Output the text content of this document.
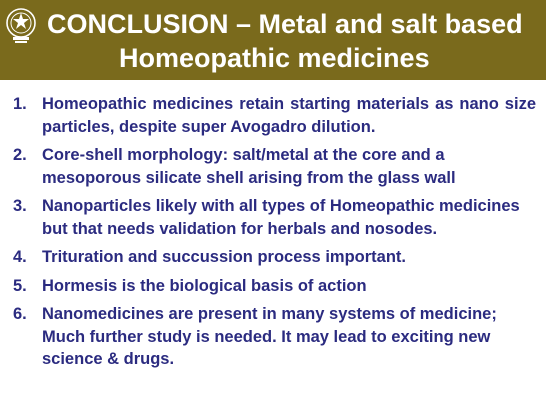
CONCLUSION – Metal and salt based
Homeopathic medicines
1. Homeopathic medicines retain starting materials as nano size particles, despite super Avogadro dilution.
2. Core-shell morphology: salt/metal at the core and a mesoporous silicate shell arising from the glass wall
3. Nanoparticles likely with all types of Homeopathic medicines but that needs validation for herbals and nosodes.
4. Trituration and succussion process important.
5. Hormesis is the biological basis of action
6. Nanomedicines are present in many systems of medicine; Much further study is needed. It may lead to exciting new science & drugs.
